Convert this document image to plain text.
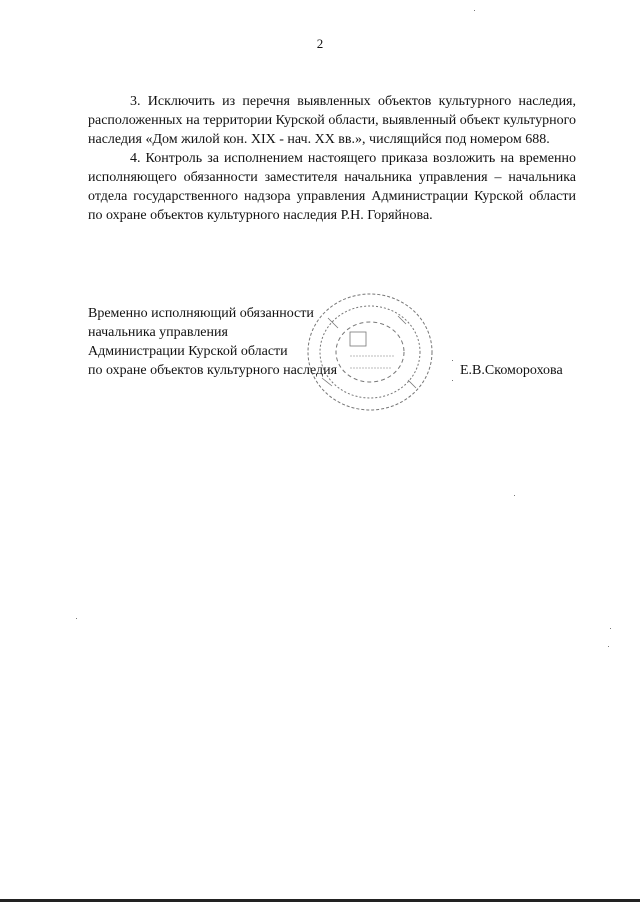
2

3. Исключить из перечня выявленных объектов культурного наследия, расположенных на территории Курской области, выявленный объект культурного наследия «Дом жилой кон. XIX - нач. XX вв.», числящийся под номером 688.

4. Контроль за исполнением настоящего приказа возложить на временно исполняющего обязанности заместителя начальника управления – начальника отдела государственного надзора управления Администрации Курской области по охране объектов культурного наследия Р.Н. Горяйнова.

Временно исполняющий обязанности
начальника управления
Администрации Курской области
по охране объектов культурного наследия	Е.В.Скоморохова
